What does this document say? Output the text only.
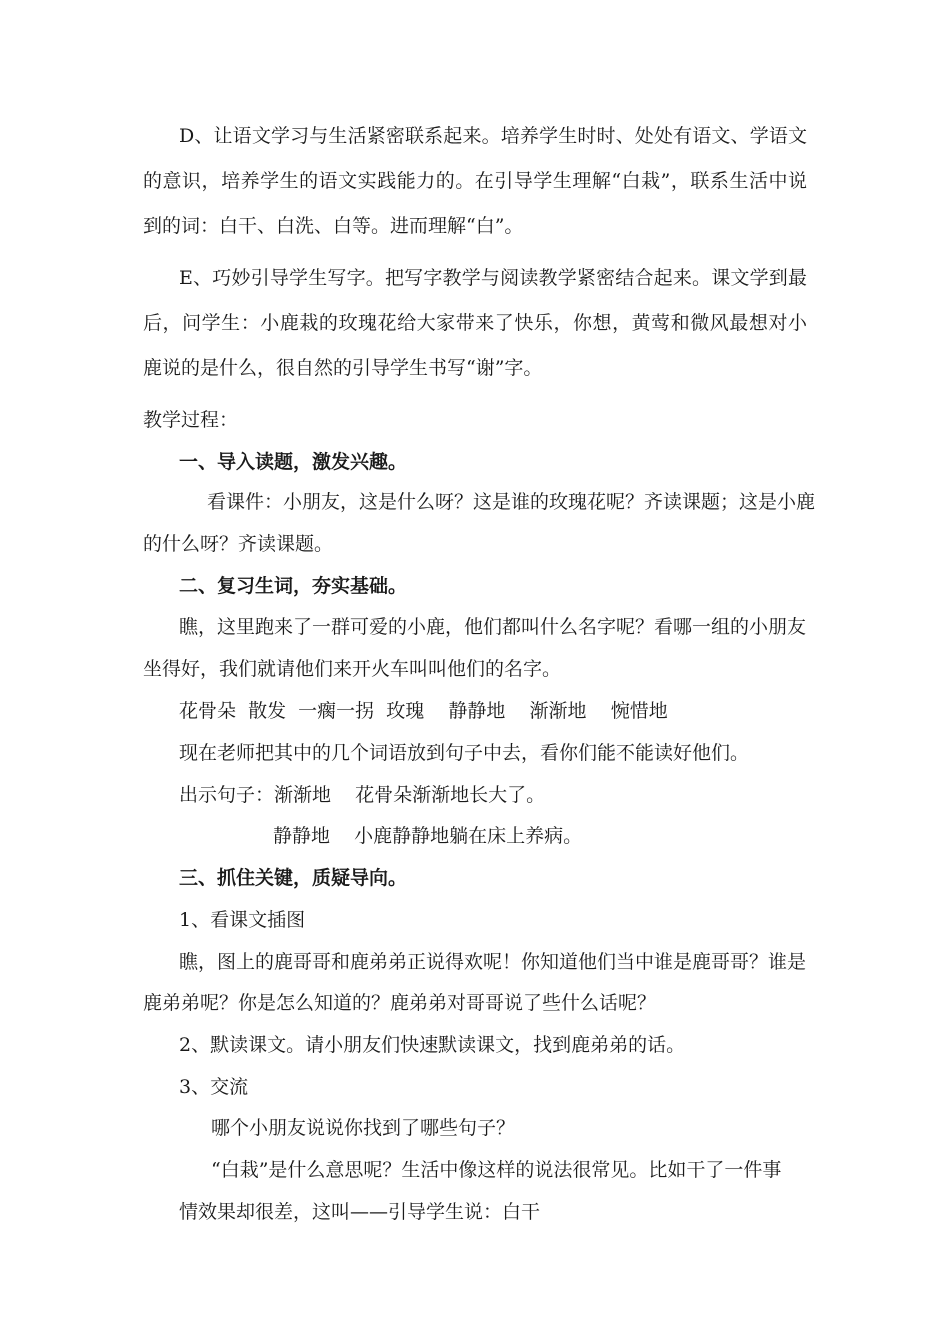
D、让语文学习与生活紧密联系起来。培养学生时时、处处有语文、学语文的意识，培养学生的语文实践能力的。在引导学生理解“白栽”，联系生活中说到的词：白干、白洗、白等。进而理解“白”。
E、巧妙引导学生写字。把写字教学与阅读教学紧密结合起来。课文学到最后，问学生：小鹿栽的玫瑰花给大家带来了快乐，你想，黄莺和微风最想对小鹿说的是什么，很自然的引导学生书写“谢”字。
教学过程：
一、导入读题，激发兴趣。
看课件：小朋友，这是什么呀？这是谁的玫瑰花呢？齐读课题；这是小鹿
的什么呀？齐读课题。
二、复习生词，夯实基础。
瞧，这里跑来了一群可爱的小鹿，他们都叫什么名字呢？看哪一组的小朋友
坐得好，我们就请他们来开火车叫叫他们的名字。
花骨朵  散发  一瘸一拐  玫瑰    静静地    渐渐地    惋惜地
现在老师把其中的几个词语放到句子中去，看你们能不能读好他们。
出示句子：渐渐地    花骨朵渐渐地长大了。
静静地    小鹿静静地躺在床上养病。
三、抓住关键，质疑导向。
1、看课文插图
瞧，图上的鹿哥哥和鹿弟弟正说得欢呢！你知道他们当中谁是鹿哥哥？谁是
鹿弟弟呢？你是怎么知道的？鹿弟弟对哥哥说了些什么话呢？
2、默读课文。请小朋友们快速默读课文，找到鹿弟弟的话。
3、交流
哪个小朋友说说你找到了哪些句子？
“白栽”是什么意思呢？生活中像这样的说法很常见。比如干了一件事
情效果却很差，这叫——引导学生说：白干
